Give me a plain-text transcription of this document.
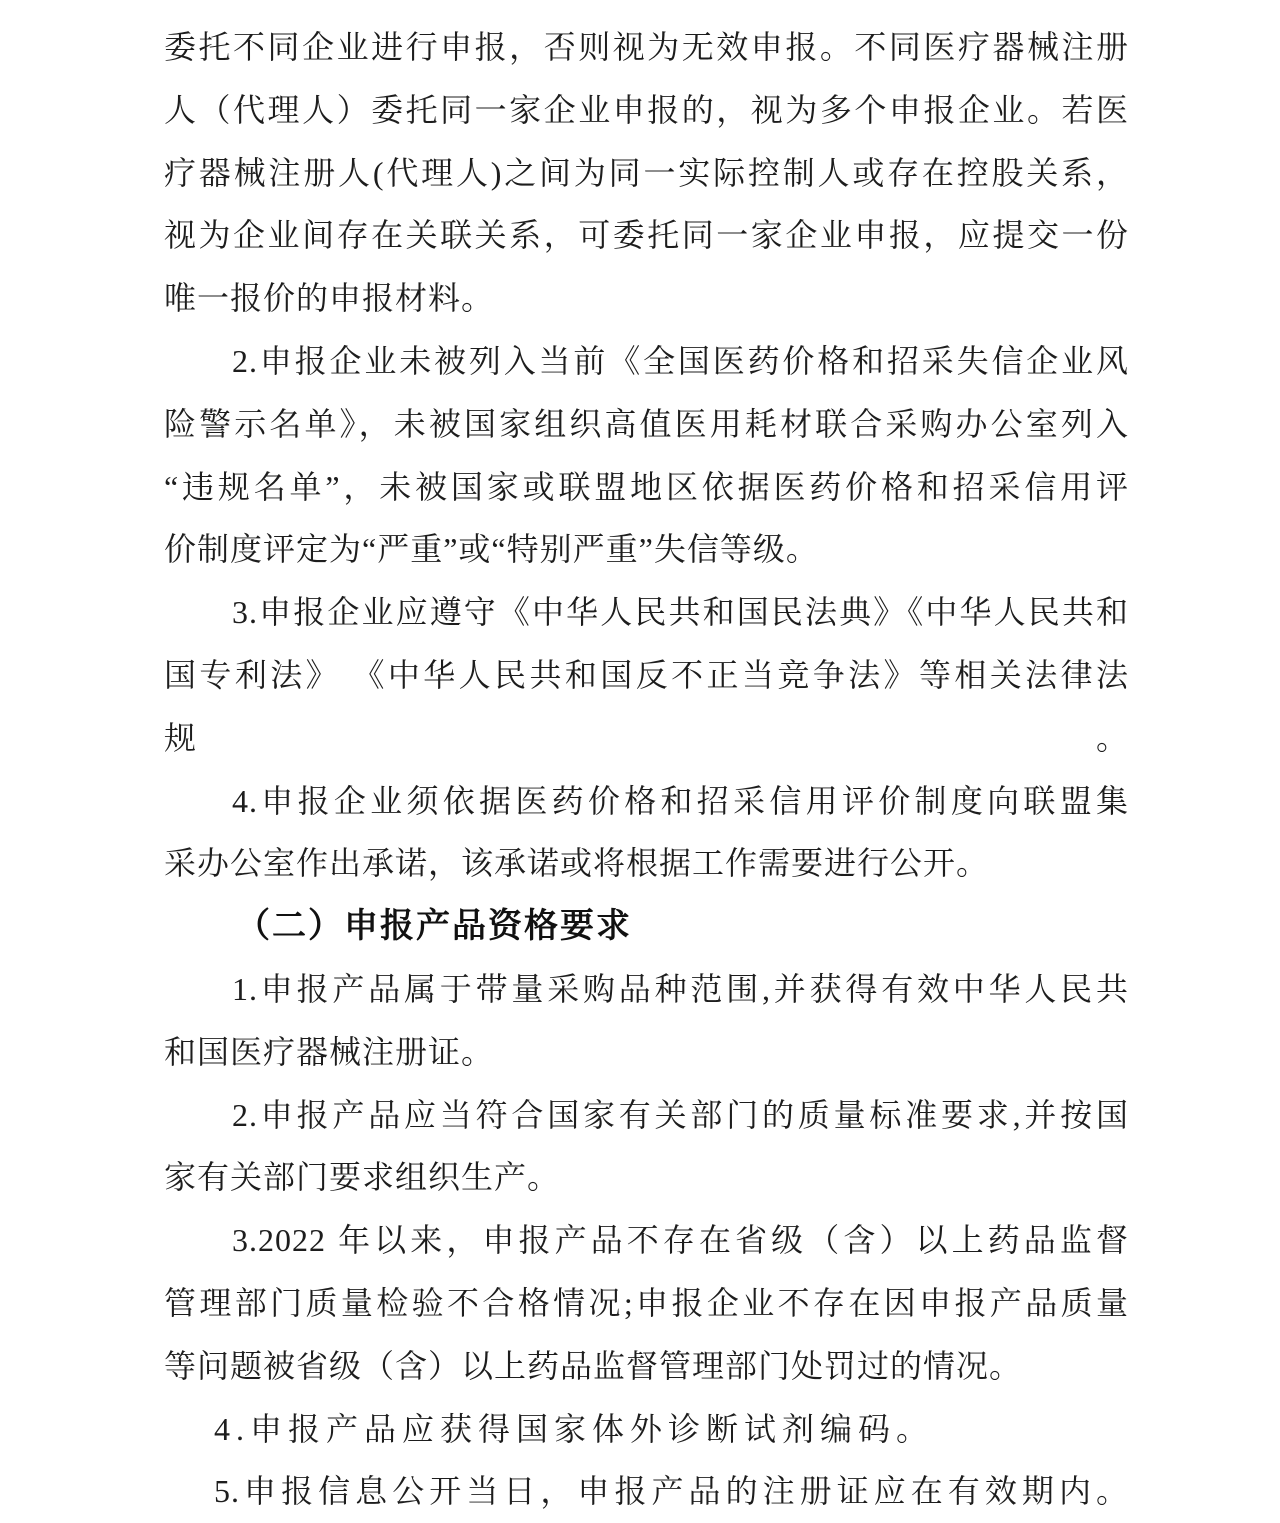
委托不同企业进行申报，否则视为无效申报。不同医疗器械注册
人（代理人）委托同一家企业申报的，视为多个申报企业。若医
疗器械注册人(代理人)之间为同一实际控制人或存在控股关系，
视为企业间存在关联关系，可委托同一家企业申报，应提交一份
唯一报价的申报材料。
2.申报企业未被列入当前《全国医药价格和招采失信企业风
险警示名单》，未被国家组织高值医用耗材联合采购办公室列入
“违规名单”，未被国家或联盟地区依据医药价格和招采信用评
价制度评定为“严重”或“特别严重”失信等级。
3.申报企业应遵守《中华人民共和国民法典》《中华人民共和
国专利法》 《中华人民共和国反不正当竞争法》等相关法律法规。
4.申报企业须依据医药价格和招采信用评价制度向联盟集
采办公室作出承诺，该承诺或将根据工作需要进行公开。
（二）申报产品资格要求
1.申报产品属于带量采购品种范围,并获得有效中华人民共
和国医疗器械注册证。
2.申报产品应当符合国家有关部门的质量标准要求,并按国
家有关部门要求组织生产。
3.2022 年以来，申报产品不存在省级（含）以上药品监督
管理部门质量检验不合格情况;申报企业不存在因申报产品质量
等问题被省级（含）以上药品监督管理部门处罚过的情况。
4.申报产品应获得国家体外诊断试剂编码。
5.申报信息公开当日，申报产品的注册证应在有效期内。
